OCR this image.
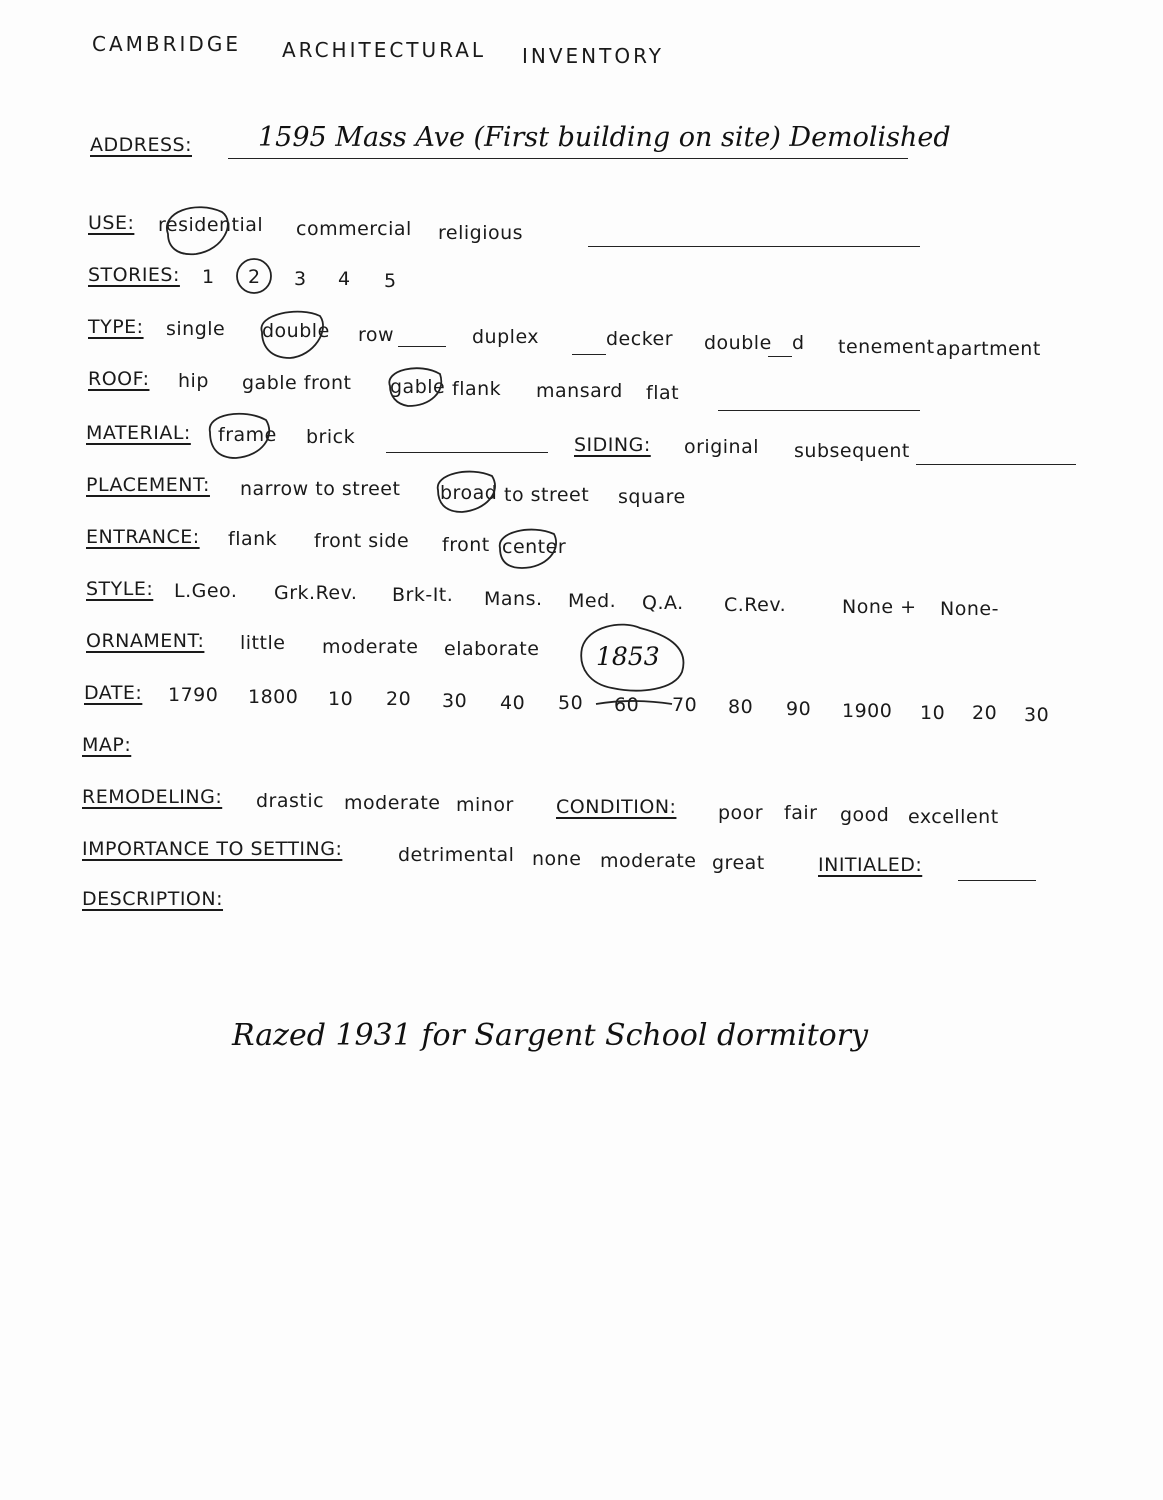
CAMBRIDGE ARCHITECTURAL INVENTORY
ADDRESS: 1595 Mass Ave (First building on site) Demolished
USE: residential commercial religious
STORIES: 1 2 3 4 5
TYPE: single double row	duplex	decker double d tenement apartment
ROOF: hip gable front gable flank mansard flat
MATERIAL: frame brick	SIDING: original subsequent
PLACEMENT: narrow to street broad to street square
ENTRANCE: flank front side front center
STYLE: L.Geo. Grk.Rev. Brk-It. Mans. Med. Q.A. C.Rev.	None + None-
ORNAMENT: little moderate elaborate 1853
DATE: 1790 1800 10 20 30 40 50 60 70 80 90 1900 10 20 30
MAP:
REMODELING: drastic moderate minor CONDITION: poor fair good excellent
IMPORTANCE TO SETTING:	detrimental none moderate great	INITIALED:
DESCRIPTION:
Razed 1931 for Sargent School dormitory
